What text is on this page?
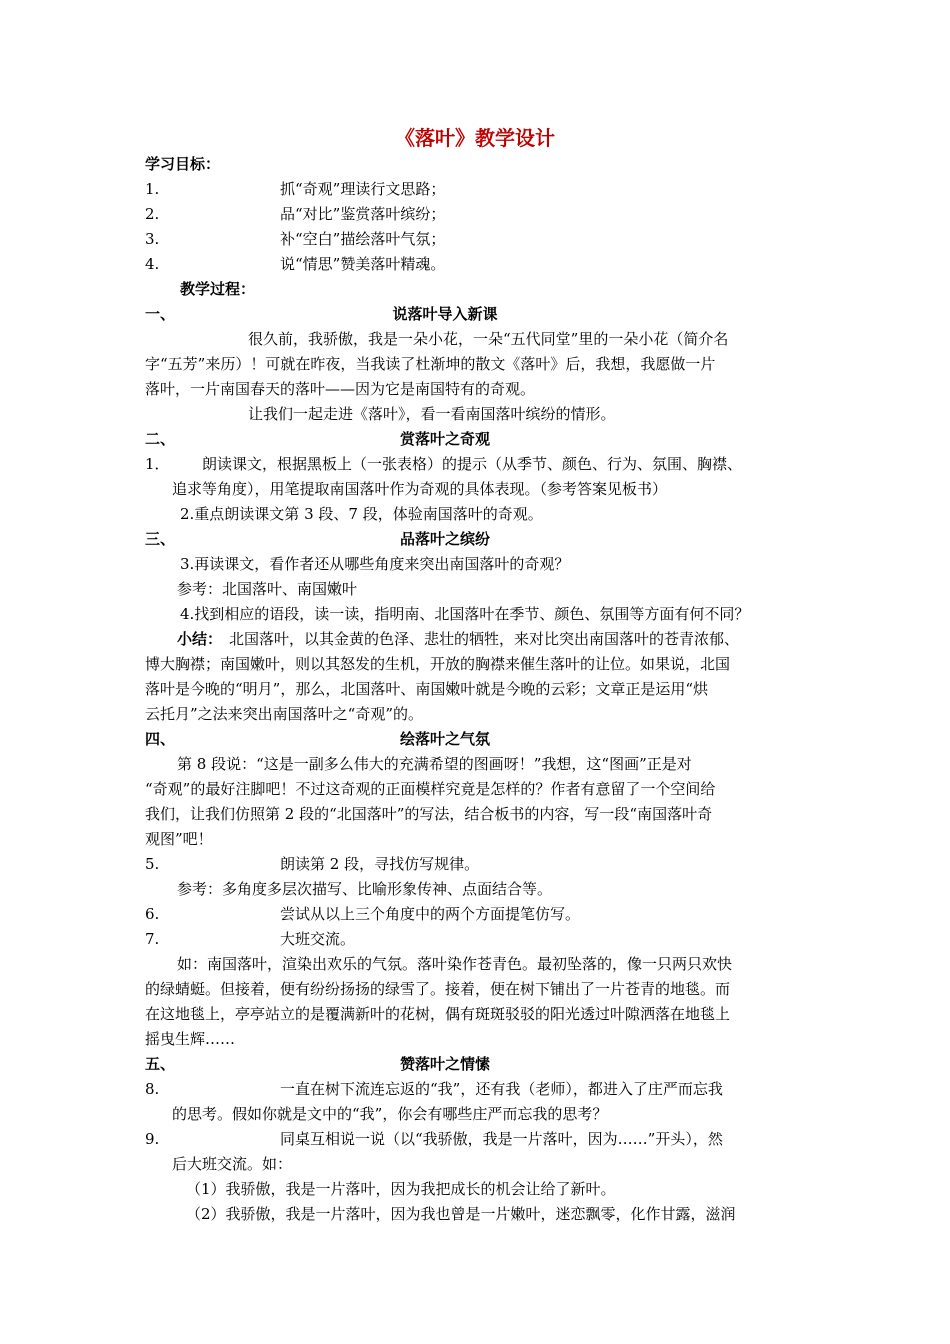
《落叶》教学设计
学习目标：
1.	抓“奇观”理读行文思路；
2.	品“对比”鉴赏落叶缤纷；
3.	补“空白”描绘落叶气氛；
4.	说“情思”赞美落叶精魂。
教学过程：
一、	说落叶导入新课
很久前，我骄傲，我是一朵小花，一朵“五代同堂”里的一朵小花（简介名
字“五芳”来历）！可就在昨夜，当我读了杜渐坤的散文《落叶》后，我想，我愿做一片
落叶，一片南国春天的落叶——因为它是南国特有的奇观。
让我们一起走进《落叶》，看一看南国落叶缤纷的情形。
二、	赏落叶之奇观
1． 朗读课文，根据黑板上（一张表格）的提示（从季节、颜色、行为、氛围、胸襟、
追求等角度），用笔提取南国落叶作为奇观的具体表现。（参考答案见板书）
2.重点朗读课文第 3 段、7 段，体验南国落叶的奇观。
三、	品落叶之缤纷
3.再读课文，看作者还从哪些角度来突出南国落叶的奇观？
参考：北国落叶、南国嫩叶
4.找到相应的语段，读一读，指明南、北国落叶在季节、颜色、氛围等方面有何不同？
小结： 北国落叶，以其金黄的色泽、悲壮的牺牲，来对比突出南国落叶的苍青浓郁、
博大胸襟；南国嫩叶，则以其怒发的生机，开放的胸襟来催生落叶的让位。如果说，北国
落叶是今晚的“明月”，那么，北国落叶、南国嫩叶就是今晚的云彩；文章正是运用“烘
云托月”之法来突出南国落叶之“奇观”的。
四、	绘落叶之气氛
第 8 段说：“这是一副多么伟大的充满希望的图画呀！”我想，这“图画”正是对
“奇观”的最好注脚吧！不过这奇观的正面模样究竟是怎样的？作者有意留了一个空间给
我们，让我们仿照第 2 段的“北国落叶”的写法，结合板书的内容，写一段“南国落叶奇
观图”吧！
5.	朗读第 2 段，寻找仿写规律。
参考：多角度多层次描写、比喻形象传神、点面结合等。
6.	尝试从以上三个角度中的两个方面提笔仿写。
7.	大班交流。
如：南国落叶，渲染出欢乐的气氛。落叶染作苍青色。最初坠落的，像一只两只欢快
的绿蜻蜓。但接着，便有纷纷扬扬的绿雪了。接着，便在树下铺出了一片苍青的地毯。而
在这地毯上，亭亭站立的是覆满新叶的花树，偶有斑斑驳驳的阳光透过叶隙洒落在地毯上
摇曳生辉……
五、	赞落叶之情愫
8.	一直在树下流连忘返的“我”，还有我（老师），都进入了庄严而忘我
的思考。假如你就是文中的“我”，你会有哪些庄严而忘我的思考？
9.	同桌互相说一说（以“我骄傲，我是一片落叶，因为……”开头），然
后大班交流。如：
（1）我骄傲，我是一片落叶，因为我把成长的机会让给了新叶。
（2）我骄傲，我是一片落叶，因为我也曾是一片嫩叶，迷恋飘零，化作甘露，滋润
